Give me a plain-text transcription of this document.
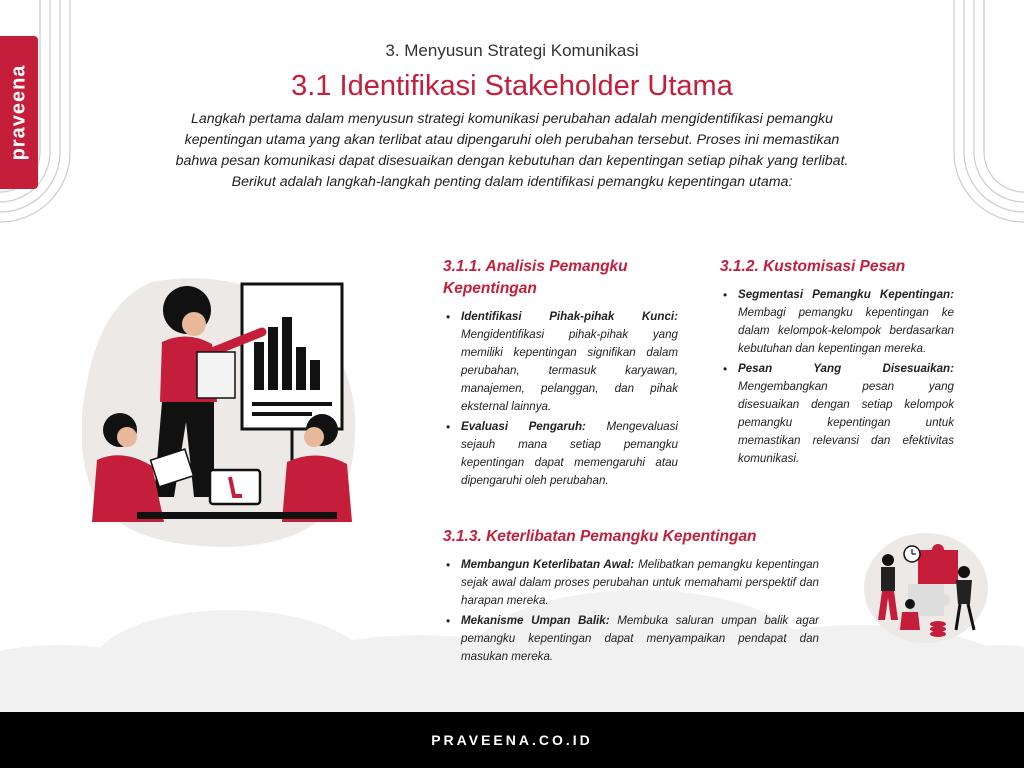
praveena
3. Menyusun Strategi Komunikasi
3.1 Identifikasi Stakeholder Utama

Langkah pertama dalam menyusun strategi komunikasi perubahan adalah mengidentifikasi pemangku kepentingan utama yang akan terlibat atau dipengaruhi oleh perubahan tersebut. Proses ini memastikan bahwa pesan komunikasi dapat disesuaikan dengan kebutuhan dan kepentingan setiap pihak yang terlibat. Berikut adalah langkah-langkah penting dalam identifikasi pemangku kepentingan utama:

3.1.1. Analisis Pemangku Kepentingan
• Identifikasi Pihak-pihak Kunci: Mengidentifikasi pihak-pihak yang memiliki kepentingan signifikan dalam perubahan, termasuk karyawan, manajemen, pelanggan, dan pihak eksternal lainnya.
• Evaluasi Pengaruh: Mengevaluasi sejauh mana setiap pemangku kepentingan dapat memengaruhi atau dipengaruhi oleh perubahan.
3.1.2. Kustomisasi Pesan
• Segmentasi Pemangku Kepentingan: Membagi pemangku kepentingan ke dalam kelompok-kelompok berdasarkan kebutuhan dan kepentingan mereka.
• Pesan Yang Disesuaikan: Mengembangkan pesan yang disesuaikan dengan setiap kelompok pemangku kepentingan untuk memastikan relevansi dan efektivitas komunikasi.
3.1.3. Keterlibatan Pemangku Kepentingan
• Membangun Keterlibatan Awal: Melibatkan pemangku kepentingan sejak awal dalam proses perubahan untuk memahami perspektif dan harapan mereka.
• Mekanisme Umpan Balik: Membuka saluran umpan balik agar pemangku kepentingan dapat menyampaikan pendapat dan masukan mereka.
PRAVEENA.CO.ID
